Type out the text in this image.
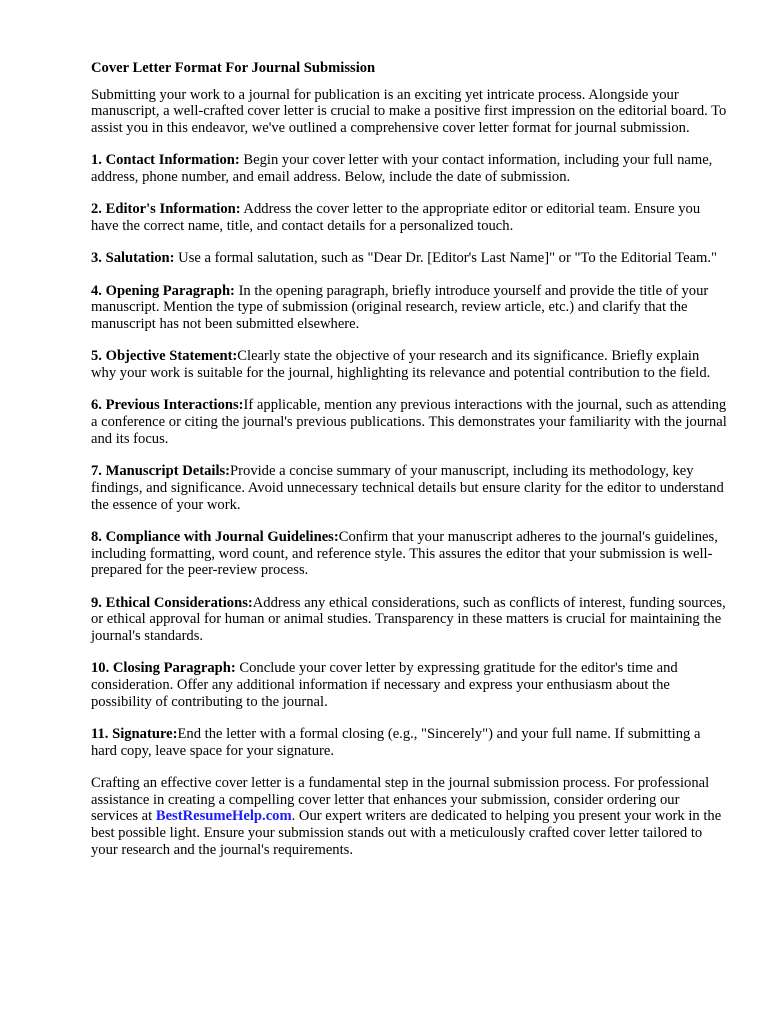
Cover Letter Format For Journal Submission
Submitting your work to a journal for publication is an exciting yet intricate process. Alongside your manuscript, a well-crafted cover letter is crucial to make a positive first impression on the editorial board. To assist you in this endeavor, we've outlined a comprehensive cover letter format for journal submission.
1. Contact Information: Begin your cover letter with your contact information, including your full name, address, phone number, and email address. Below, include the date of submission.
2. Editor's Information: Address the cover letter to the appropriate editor or editorial team. Ensure you have the correct name, title, and contact details for a personalized touch.
3. Salutation: Use a formal salutation, such as "Dear Dr. [Editor's Last Name]" or "To the Editorial Team."
4. Opening Paragraph: In the opening paragraph, briefly introduce yourself and provide the title of your manuscript. Mention the type of submission (original research, review article, etc.) and clarify that the manuscript has not been submitted elsewhere.
5. Objective Statement:Clearly state the objective of your research and its significance. Briefly explain why your work is suitable for the journal, highlighting its relevance and potential contribution to the field.
6. Previous Interactions:If applicable, mention any previous interactions with the journal, such as attending a conference or citing the journal's previous publications. This demonstrates your familiarity with the journal and its focus.
7. Manuscript Details:Provide a concise summary of your manuscript, including its methodology, key findings, and significance. Avoid unnecessary technical details but ensure clarity for the editor to understand the essence of your work.
8. Compliance with Journal Guidelines:Confirm that your manuscript adheres to the journal's guidelines, including formatting, word count, and reference style. This assures the editor that your submission is well-prepared for the peer-review process.
9. Ethical Considerations:Address any ethical considerations, such as conflicts of interest, funding sources, or ethical approval for human or animal studies. Transparency in these matters is crucial for maintaining the journal's standards.
10. Closing Paragraph: Conclude your cover letter by expressing gratitude for the editor's time and consideration. Offer any additional information if necessary and express your enthusiasm about the possibility of contributing to the journal.
11. Signature:End the letter with a formal closing (e.g., "Sincerely") and your full name. If submitting a hard copy, leave space for your signature.
Crafting an effective cover letter is a fundamental step in the journal submission process. For professional assistance in creating a compelling cover letter that enhances your submission, consider ordering our services at BestResumeHelp.com. Our expert writers are dedicated to helping you present your work in the best possible light. Ensure your submission stands out with a meticulously crafted cover letter tailored to your research and the journal's requirements.
